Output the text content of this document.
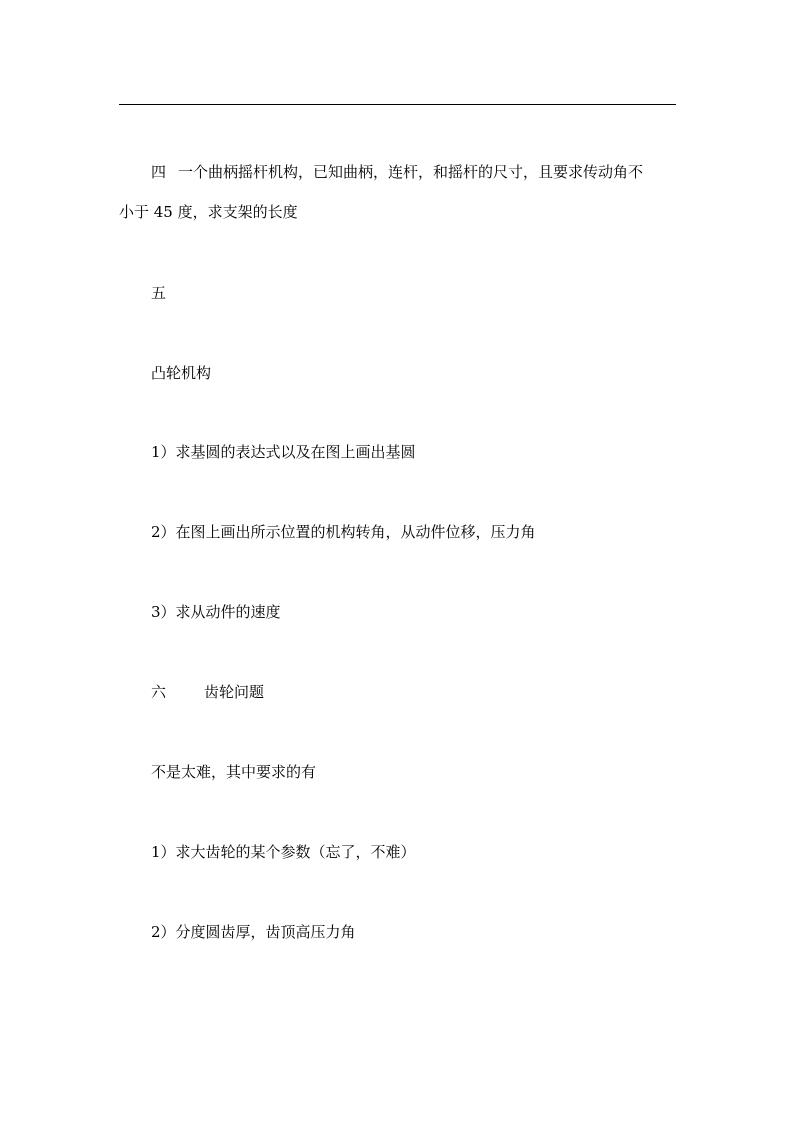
四 一个曲柄摇杆机构，已知曲柄，连杆，和摇杆的尺寸，且要求传动角不
小于 45 度，求支架的长度
五
凸轮机构
1）求基圆的表达式以及在图上画出基圆
2）在图上画出所示位置的机构转角，从动件位移，压力角
3）求从动件的速度
六	齿轮问题
不是太难，其中要求的有
1）求大齿轮的某个参数（忘了，不难）
2）分度圆齿厚，齿顶高压力角
